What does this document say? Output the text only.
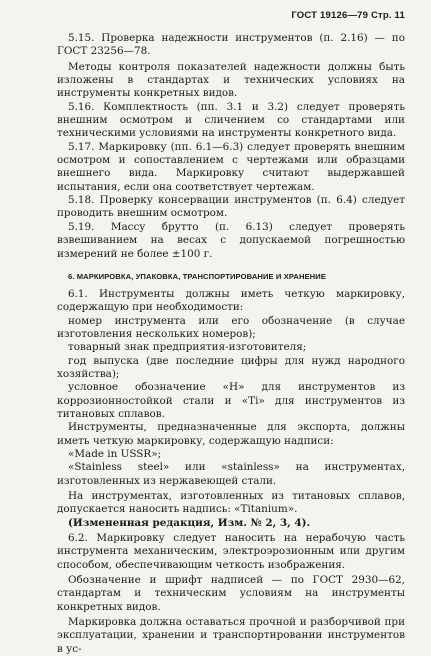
ГОСТ 19126—79 Стр. 11

5.15. Проверка надежности инструментов (п. 2.16) — по ГОСТ 23256—78.

Методы контроля показателей надежности должны быть изложены в стандартах и технических условиях на инструменты конкретных видов.

5.16. Комплектность (пп. 3.1 и 3.2) следует проверять внешним осмотром и сличением со стандартами или техническими условиями на инструменты конкретного вида.

5.17. Маркировку (пп. 6.1—6.3) следует проверять внешним осмотром и сопоставлением с чертежами или образцами внешнего вида. Маркировку считают выдержавшей испытания, если она соответствует чертежам.

5.18. Проверку консервации инструментов (п. 6.4) следует проводить внешним осмотром.

5.19. Массу брутто (п. 6.13) следует проверять взвешиванием на весах с допускаемой погрешностью измерений не более ±100 г.

6. МАРКИРОВКА, УПАКОВКА, ТРАНСПОРТИРОВАНИЕ И ХРАНЕНИЕ

6.1. Инструменты должны иметь четкую маркировку, содержащую при необходимости:

номер инструмента или его обозначение (в случае изготовления нескольких номеров);

товарный знак предприятия-изготовителя;

год выпуска (две последние цифры для нужд народного хозяйства);

условное обозначение «Н» для инструментов из коррозионностойкой стали и «Ti» для инструментов из титановых сплавов.

Инструменты, предназначенные для экспорта, должны иметь четкую маркировку, содержащую надписи:

«Made in USSR»;

«Stainless steel» или «stainless» на инструментах, изготовленных из нержавеющей стали.

На инструментах, изготовленных из титановых сплавов, допускается наносить надпись: «Titanium».

(Измененная редакция, Изм. № 2, 3, 4).

6.2. Маркировку следует наносить на нерабочую часть инструмента механическим, электроэрозионным или другим способом, обеспечивающим четкость изображения.

Обозначение и шрифт надписей — по ГОСТ 2930—62, стандартам и техническим условиям на инструменты конкретных видов.

Маркировка должна оставаться прочной и разборчивой при эксплуатации, хранении и транспортировании инструментов в ус-
